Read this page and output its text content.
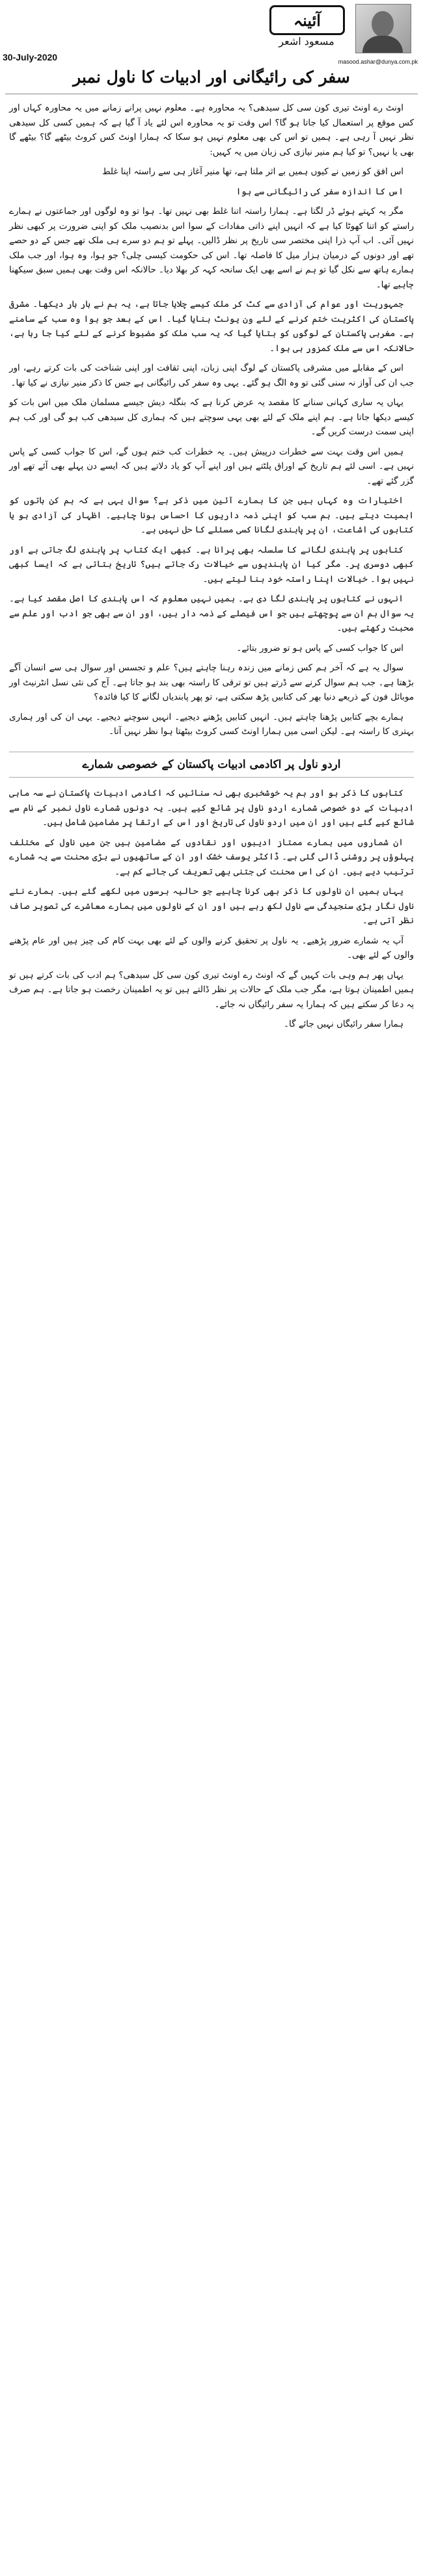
آئینہ
مسعود اشعر
30-July-2020	masood.ashar@dunya.com.pk
سفر کی رائیگانی اور ادبیات کا ناول نمبر

اونٹ رے اونٹ تیری کون سی کل سیدھی؟ یہ محاورہ ہے۔ معلوم نہیں پرانے زمانے میں یہ محاورہ کہاں اور کس موقع پر استعمال کیا جاتا ہو گا؟ اس وقت تو یہ محاورہ اس لئے یاد آ گیا ہے کہ ہمیں کسی کل سیدھی نظر نہیں آ رہی ہے۔ ہمیں تو اس کی بھی معلوم نہیں ہو سکا کہ ہمارا اونٹ کس کروٹ بیٹھے گا؟ بیٹھے گا بھی یا نہیں؟ تو کیا ہم منیر نیازی کی زبان میں یہ کہیں:

اس افق کو زمیں نے کیوں ہمیں بے اثر ملتا ہے، تھا منیر آغاز ہی سے راستہ اپنا غلط

اس کا اندازہ سفر کی رائیگانی سے ہوا

مگر یہ کہتے ہوئے ڈر لگتا ہے۔ ہمارا راستہ اتنا غلط بھی نہیں تھا۔ ہوا تو وہ لوگوں اور جماعتوں نے ہمارے راستے کو اتنا کھوٹا کیا ہے کہ انہیں اپنے ذاتی مفادات کے سوا اس بدنصیب ملک کو اپنی ضرورت پر کبھی نظر نہیں آئی۔ اب آپ ذرا اپنی مختصر سی تاریخ پر نظر ڈالیں۔ پہلے تو ہم دو سرے ہی ملک تھے جس کے دو حصے تھے اور دونوں کے درمیان ہزار میل کا فاصلہ تھا۔ اس کی حکومت کیسی چلی؟ جو ہوا، وہ ہوا، اور جب ملک ہمارے ہاتھ سے نکل گیا تو ہم نے اسے بھی ایک سانحہ کہہ کر بھلا دیا۔ حالانکہ اس وقت بھی ہمیں سبق سیکھنا چاہیے تھا۔

جمہوریت اور عوام کی آزادی سے کٹ کر ملک کیسے چلایا جاتا ہے، یہ ہم نے بار بار دیکھا۔ مشرقی پاکستان کی اکثریت ختم کرنے کے لئے ون یونٹ بنایا گیا۔ اس کے بعد جو ہوا وہ سب کے سامنے ہے۔ مغربی پاکستان کے لوگوں کو بتایا گیا کہ یہ سب ملک کو مضبوط کرنے کے لئے کیا جا رہا ہے، حالانکہ اس سے ملک کمزور ہی ہوا۔

اس کے مقابلے میں مشرقی پاکستان کے لوگ اپنی زبان، اپنی ثقافت اور اپنی شناخت کی بات کرتے رہے، اور جب ان کی آواز نہ سنی گئی تو وہ الگ ہو گئے۔ یہی وہ سفر کی رائیگانی ہے جس کا ذکر منیر نیازی نے کیا تھا۔

یہاں یہ ساری کہانی سنانے کا مقصد یہ عرض کرنا ہے کہ بنگلہ دیش جیسے مسلمان ملک میں اس بات کو کیسے دیکھا جاتا ہے۔ ہم اپنے ملک کے لئے بھی یہی سوچتے ہیں کہ ہماری کل سیدھی کب ہو گی اور کب ہم اپنی سمت درست کریں گے۔

ہمیں اس وقت بہت سے خطرات درپیش ہیں۔ یہ خطرات کب ختم ہوں گے، اس کا جواب کسی کے پاس نہیں ہے۔ اسی لئے ہم تاریخ کے اوراق پلٹتے ہیں اور اپنے آپ کو یاد دلاتے ہیں کہ ایسے دن پہلے بھی آئے تھے اور گزر گئے تھے۔

اختیارات وہ کہاں ہیں جن کا ہمارے آئین میں ذکر ہے؟ سوال یہی ہے کہ ہم کن باتوں کو اہمیت دیتے ہیں۔ ہم سب کو اپنی ذمہ داریوں کا احساس ہونا چاہیے۔ اظہار کی آزادی ہو یا کتابوں کی اشاعت، ان پر پابندی لگانا کسی مسئلے کا حل نہیں ہے۔

کتابوں پر پابندی لگانے کا سلسلہ بھی پرانا ہے۔ کبھی ایک کتاب پر پابندی لگ جاتی ہے اور کبھی دوسری پر۔ مگر کیا ان پابندیوں سے خیالات رک جاتے ہیں؟ تاریخ بتاتی ہے کہ ایسا کبھی نہیں ہوا۔ خیالات اپنا راستہ خود بنا لیتے ہیں۔

انہوں نے کتابوں پر پابندی لگا دی ہے۔ ہمیں نہیں معلوم کہ اس پابندی کا اصل مقصد کیا ہے۔ یہ سوال ہم ان سے پوچھتے ہیں جو اس فیصلے کے ذمہ دار ہیں، اور ان سے بھی جو ادب اور علم سے محبت رکھتے ہیں۔

اس کا جواب کسی کے پاس ہو تو ضرور بتائے۔

سوال یہ ہے کہ آخر ہم کس زمانے میں زندہ رہنا چاہتے ہیں؟ علم و تجسس اور سوال ہی سے انسان آگے بڑھتا ہے۔ جب ہم سوال کرنے سے ڈرتے ہیں تو ترقی کا راستہ بھی بند ہو جاتا ہے۔ آج کی نئی نسل انٹرنیٹ اور موبائل فون کے ذریعے دنیا بھر کی کتابیں پڑھ سکتی ہے، تو پھر پابندیاں لگانے کا کیا فائدہ؟

ہمارے بچے کتابیں پڑھنا چاہتے ہیں۔ انہیں کتابیں پڑھنے دیجیے۔ انہیں سوچنے دیجیے۔ یہی ان کی اور ہماری بہتری کا راستہ ہے۔ لیکن اسی میں ہمارا اونٹ کسی کروٹ بیٹھتا ہوا نظر نہیں آتا۔

اردو ناول پر اکادمی ادبیات پاکستان کے خصوصی شمارے

کتابوں کا ذکر ہو اور ہم یہ خوشخبری بھی نہ سنائیں کہ اکادمی ادبیات پاکستان نے سہ ماہی ادبیات کے دو خصوصی شمارے اردو ناول پر شائع کیے ہیں۔ یہ دونوں شمارے ناول نمبر کے نام سے شائع کیے گئے ہیں اور ان میں اردو ناول کی تاریخ اور اس کے ارتقا پر مضامین شامل ہیں۔

ان شماروں میں ہمارے ممتاز ادیبوں اور نقادوں کے مضامین ہیں جن میں ناول کے مختلف پہلوؤں پر روشنی ڈالی گئی ہے۔ ڈاکٹر یوسف خشک اور ان کے ساتھیوں نے بڑی محنت سے یہ شمارے ترتیب دیے ہیں۔ ان کی اس محنت کی جتنی بھی تعریف کی جائے کم ہے۔

یہاں ہمیں ان ناولوں کا ذکر بھی کرنا چاہیے جو حالیہ برسوں میں لکھے گئے ہیں۔ ہمارے نئے ناول نگار بڑی سنجیدگی سے ناول لکھ رہے ہیں اور ان کے ناولوں میں ہمارے معاشرے کی تصویر صاف نظر آتی ہے۔

آپ یہ شمارے ضرور پڑھیے۔ یہ ناول پر تحقیق کرنے والوں کے لئے بھی بہت کام کی چیز ہیں اور عام پڑھنے والوں کے لئے بھی۔

یہاں پھر ہم وہی بات کہیں گے کہ اونٹ رے اونٹ تیری کون سی کل سیدھی؟ ہم ادب کی بات کرتے ہیں تو ہمیں اطمینان ہوتا ہے، مگر جب ملک کے حالات پر نظر ڈالتے ہیں تو یہ اطمینان رخصت ہو جاتا ہے۔ ہم صرف یہ دعا کر سکتے ہیں کہ ہمارا یہ سفر رائیگاں نہ جائے۔

ہمارا سفر رائیگاں نہیں جائے گا۔
